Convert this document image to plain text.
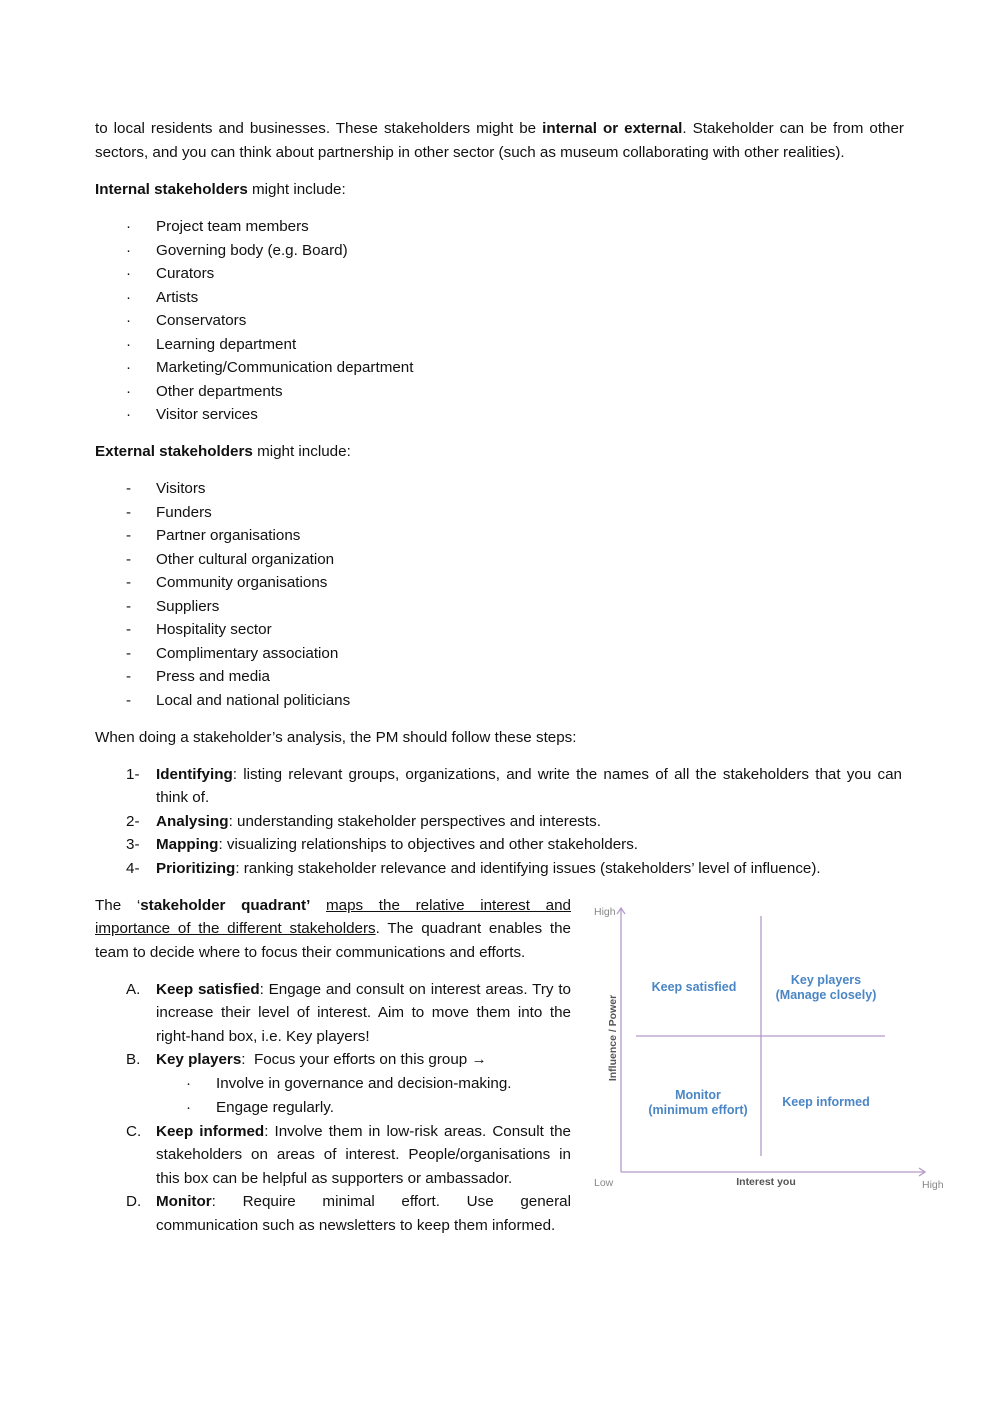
to local residents and businesses. These stakeholders might be internal or external. Stakeholder can be from other

sectors, and you can think about partnership in other sector (such as museum collaborating with other realities).

Internal stakeholders might include:

· Project team members
· Governing body (e.g. Board)
· Curators
· Artists
· Conservators
· Learning department
· Marketing/Communication department
· Other departments
· Visitor services

External stakeholders might include:

- Visitors
- Funders
- Partner organisations
- Other cultural organization
- Community organisations
- Suppliers
- Hospitality sector
- Complimentary association
- Press and media
- Local and national politicians

When doing a stakeholder’s analysis, the PM should follow these steps:

1- Identifying: listing relevant groups, organizations, and write the names of all the stakeholders that you can
think of.
2- Analysing: understanding stakeholder perspectives and interests.
3- Mapping: visualizing relationships to objectives and other stakeholders.
4- Prioritizing: ranking stakeholder relevance and identifying issues (stakeholders’ level of influence).
The ‘stakeholder quadrant’ maps the relative interest and
importance of the different stakeholders. The quadrant enables the
team to decide where to focus their communications and efforts.
A. Keep satisfied: Engage and consult on interest areas. Try to
increase their level of interest. Aim to move them into the
right-hand box, i.e. Key players!
B. Key players:  Focus your efforts on this group →
· Involve in governance and decision-making.
· Engage regularly.
C. Keep informed: Involve them in low-risk areas. Consult the
stakeholders on areas of interest. People/organisations in
this box can be helpful as supporters or ambassador.
D. Monitor: Require minimal effort. Use general
communication such as newsletters to keep them informed.
High
Influence / Power
Low	Interest you	High
Keep satisfied	Key players
(Manage closely)
Monitor
(minimum effort)
Keep informed
